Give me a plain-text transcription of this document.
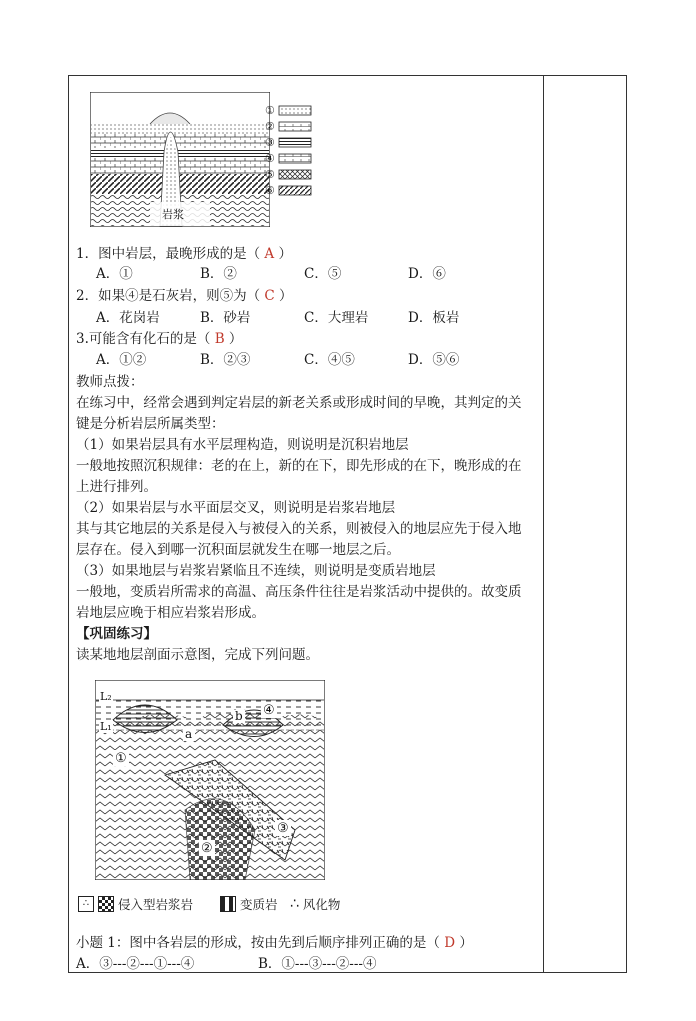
岩浆
①
②
③
④
⑤
⑥
1．图中岩层，最晚形成的是（ A ）
A．①	B．②	C．⑤	D．⑥
2．如果④是石灰岩，则⑤为（ C ）
A．花岗岩	B．砂岩	C．大理岩	D．板岩
3.可能含有化石的是（ B ）
A．①②	B．②③	C．④⑤	D．⑤⑥
教师点拨：
在练习中，经常会遇到判定岩层的新老关系或形成时间的早晚，其判定的关
键是分析岩层所属类型：
（1）如果岩层具有水平层理构造，则说明是沉积岩地层
一般地按照沉积规律：老的在上，新的在下，即先形成的在下，晚形成的在
上进行排列。
（2）如果岩层与水平面层交叉，则说明是岩浆岩地层
其与其它地层的关系是侵入与被侵入的关系，则被侵入的地层应先于侵入地
层存在。侵入到哪一沉积面层就发生在哪一地层之后。
（3）如果地层与岩浆岩紧临且不连续，则说明是变质岩地层
一般地，变质岩所需求的高温、高压条件往往是岩浆活动中提供的。故变质
岩地层应晚于相应岩浆岩形成。
【巩固练习】
读某地地层剖面示意图，完成下列问题。
L₂
L₁
a
b
①
②
③
④
∴	侵入型岩浆岩	变质岩 ∴ 风化物
小题 1：图中各岩层的形成，按由先到后顺序排列正确的是（ D ）
A．③---②---①---④	B．①---③---②---④
